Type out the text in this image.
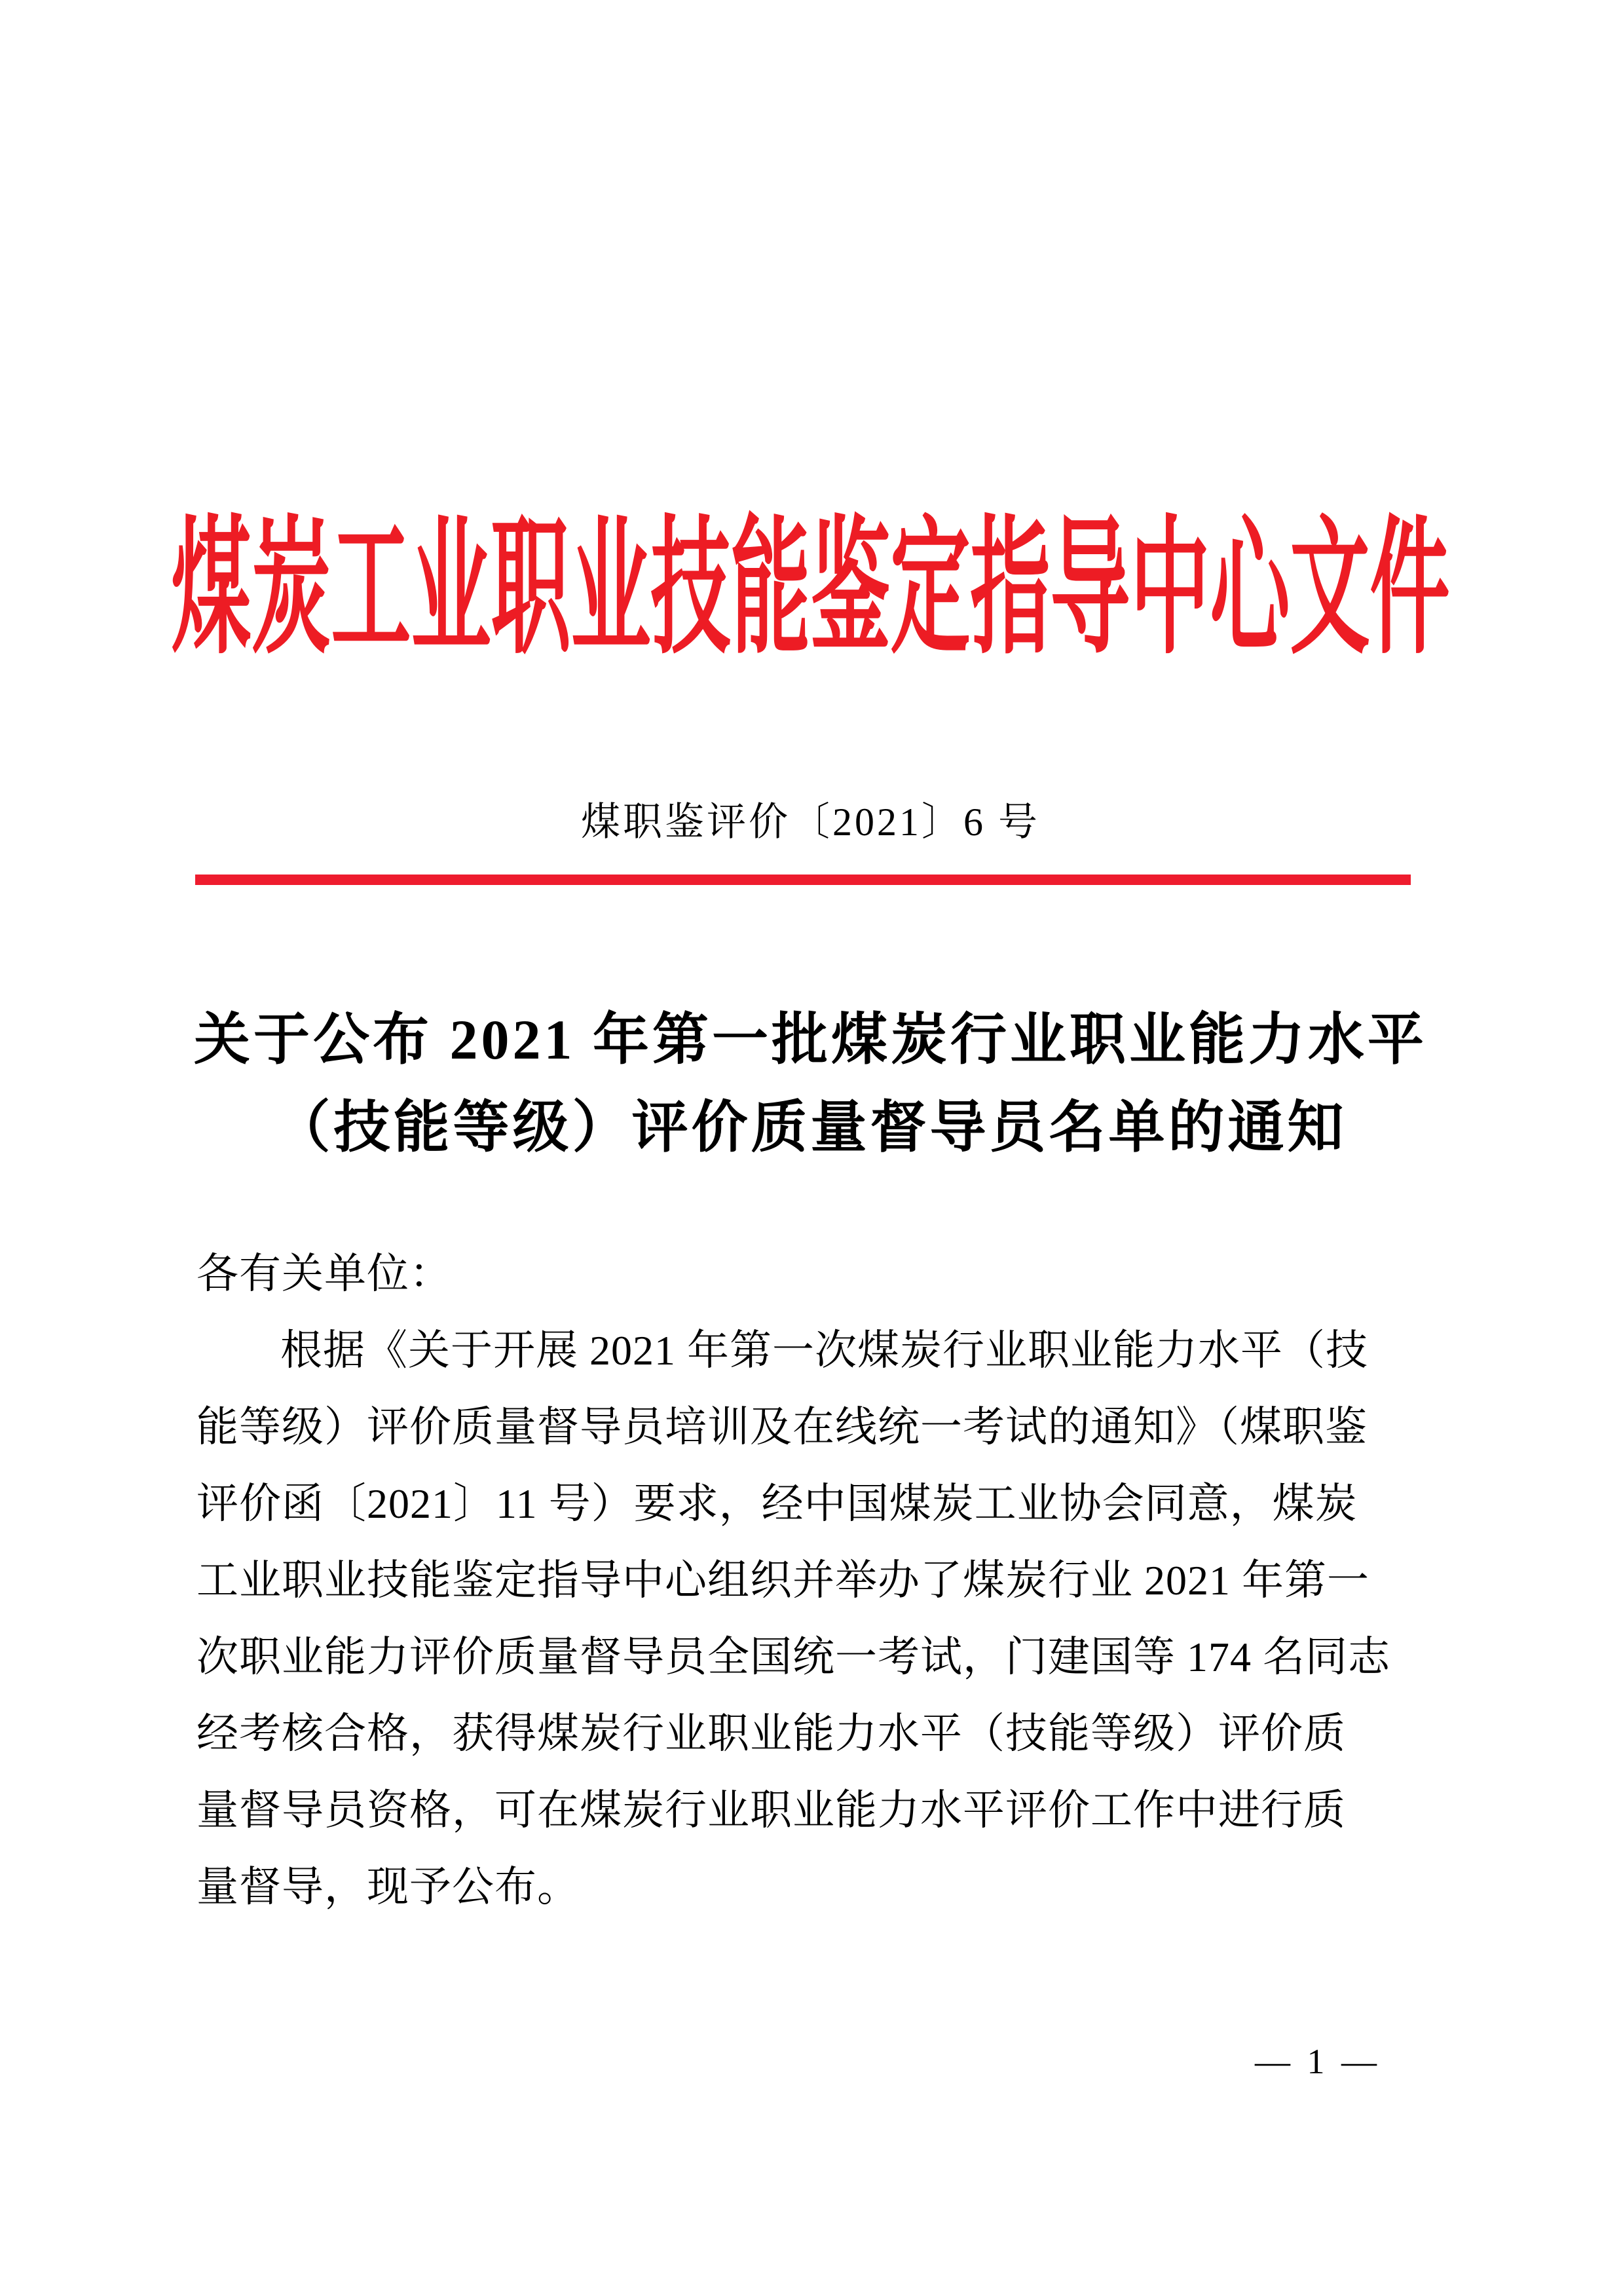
煤炭工业职业技能鉴定指导中心文件
煤职鉴评价〔2021〕6 号
关于公布 2021 年第一批煤炭行业职业能力水平
（技能等级）评价质量督导员名单的通知
各有关单位：
根据《关于开展 2021 年第一次煤炭行业职业能力水平（技
能等级）评价质量督导员培训及在线统一考试的通知》（煤职鉴
评价函〔2021〕11 号）要求，经中国煤炭工业协会同意，煤炭
工业职业技能鉴定指导中心组织并举办了煤炭行业 2021 年第一
次职业能力评价质量督导员全国统一考试，门建国等 174 名同志
经考核合格，获得煤炭行业职业能力水平（技能等级）评价质
量督导员资格，可在煤炭行业职业能力水平评价工作中进行质
量督导，现予公布。
— 1 —
